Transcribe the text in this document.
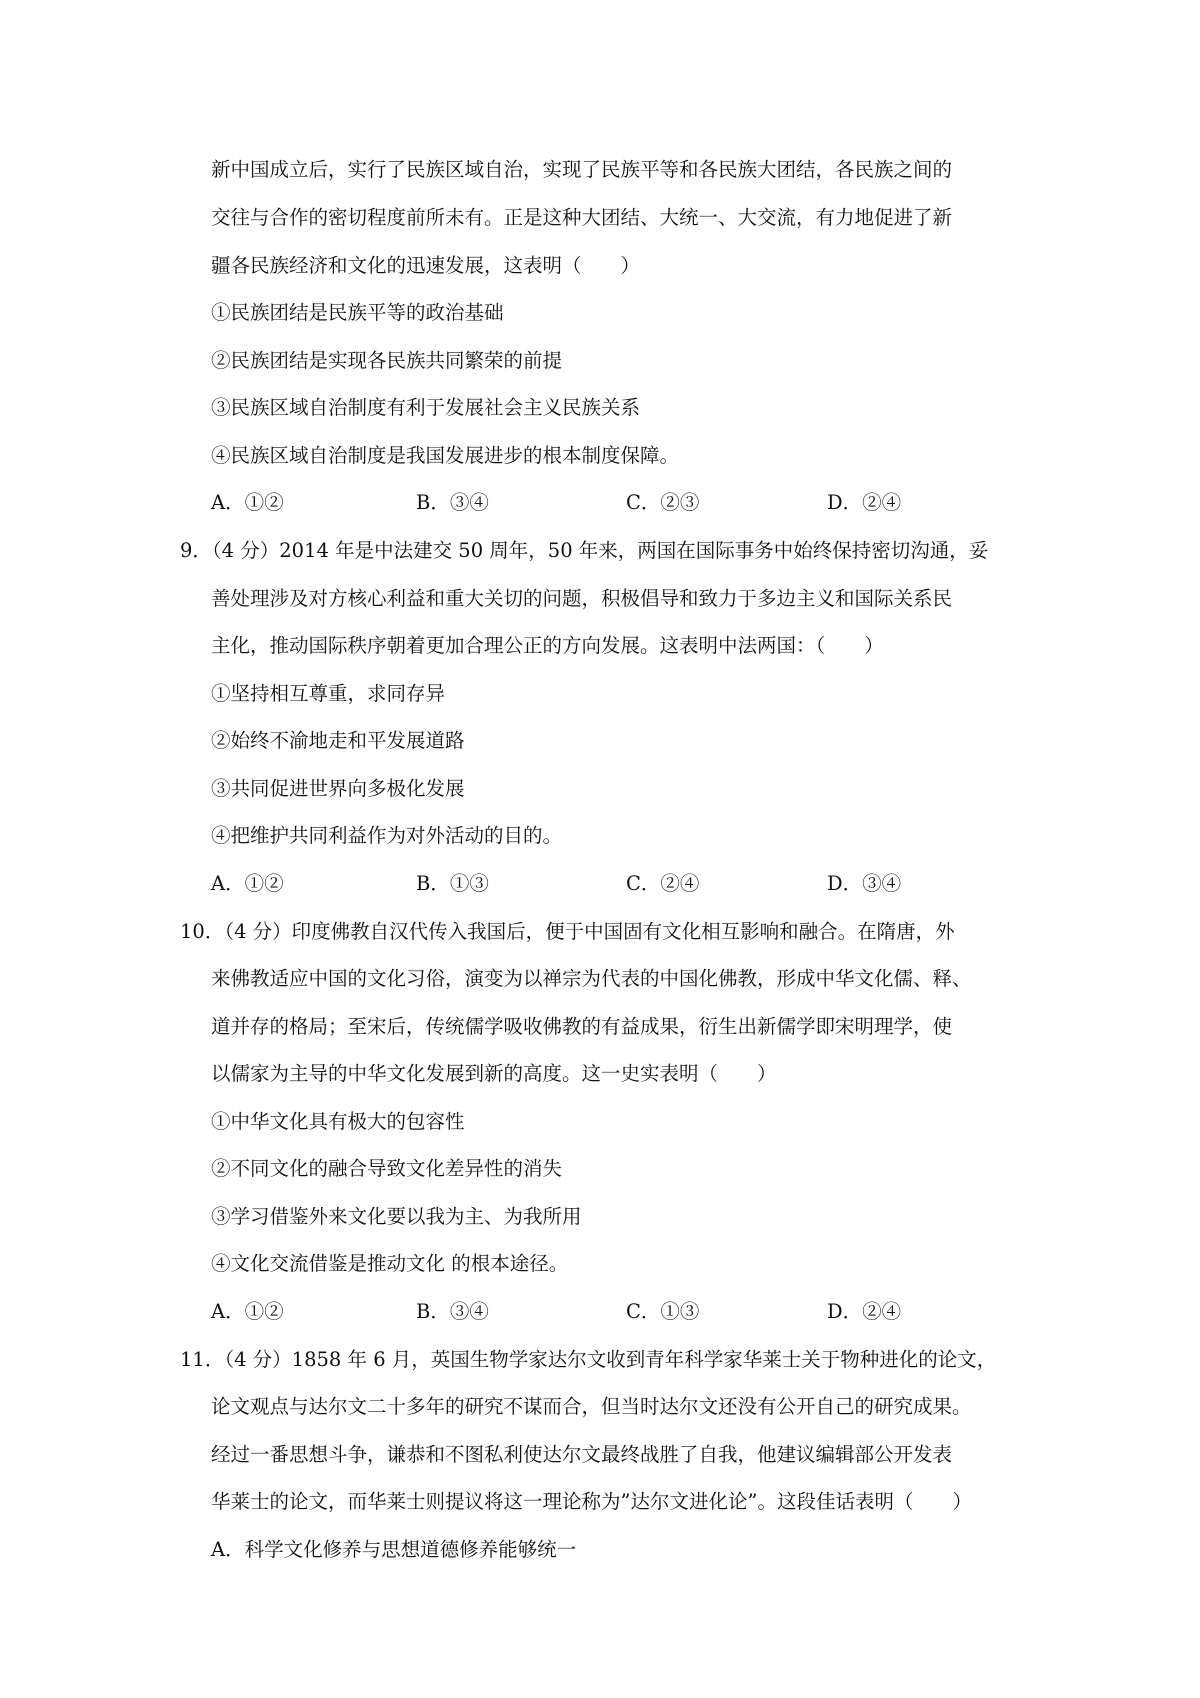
新中国成立后，实行了民族区域自治，实现了民族平等和各民族大团结，各民族之间的
交往与合作的密切程度前所未有。正是这种大团结、大统一、大交流，有力地促进了新
疆各民族经济和文化的迅速发展，这表明（　　）
①民族团结是民族平等的政治基础
②民族团结是实现各民族共同繁荣的前提
③民族区域自治制度有利于发展社会主义民族关系
④民族区域自治制度是我国发展进步的根本制度保障。
A．①②	B．③④	C．②③	D．②④
9．（4 分）2014 年是中法建交 50 周年，50 年来，两国在国际事务中始终保持密切沟通，妥
善处理涉及对方核心利益和重大关切的问题，积极倡导和致力于多边主义和国际关系民
主化，推动国际秩序朝着更加合理公正的方向发展。这表明中法两国：（　　）
①坚持相互尊重，求同存异
②始终不渝地走和平发展道路
③共同促进世界向多极化发展
④把维护共同利益作为对外活动的目的。
A．①②	B．①③	C．②④	D．③④
10．（4 分）印度佛教自汉代传入我国后，便于中国固有文化相互影响和融合。在隋唐，外
来佛教适应中国的文化习俗，演变为以禅宗为代表的中国化佛教，形成中华文化儒、释、
道并存的格局；至宋后，传统儒学吸收佛教的有益成果，衍生出新儒学即宋明理学，使
以儒家为主导的中华文化发展到新的高度。这一史实表明（　　）
①中华文化具有极大的包容性
②不同文化的融合导致文化差异性的消失
③学习借鉴外来文化要以我为主、为我所用
④文化交流借鉴是推动文化 的根本途径。
A．①②	B．③④	C．①③	D．②④
11．（4 分）1858 年 6 月，英国生物学家达尔文收到青年科学家华莱士关于物种进化的论文，
论文观点与达尔文二十多年的研究不谋而合，但当时达尔文还没有公开自己的研究成果。
经过一番思想斗争，谦恭和不图私利使达尔文最终战胜了自我，他建议编辑部公开发表
华莱士的论文，而华莱士则提议将这一理论称为”达尔文进化论”。这段佳话表明（　　）
A．科学文化修养与思想道德修养能够统一
